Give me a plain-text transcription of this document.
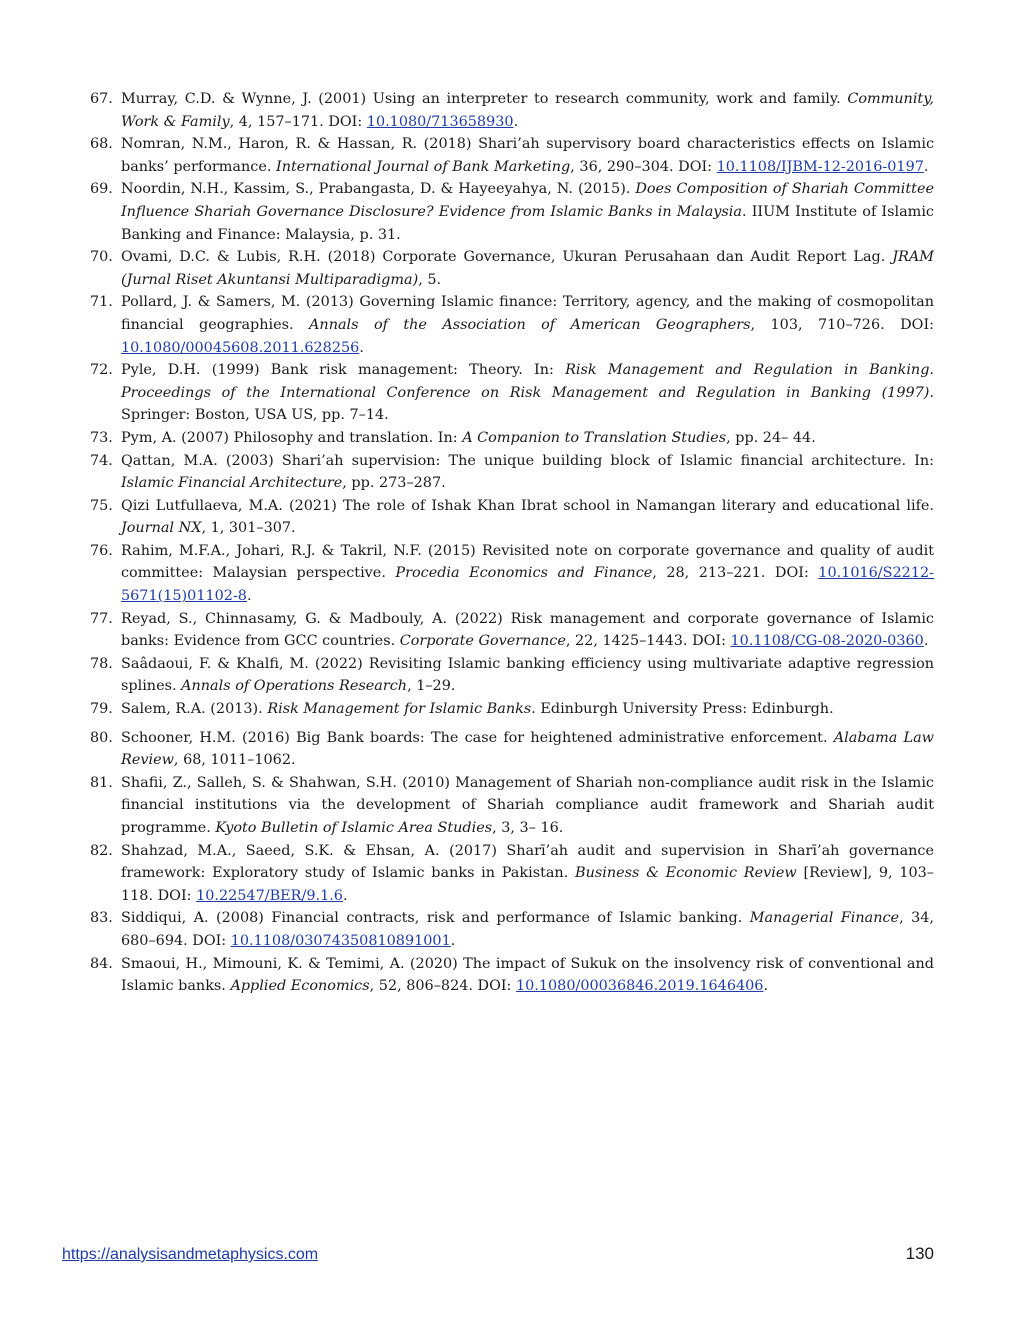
67. Murray, C.D. & Wynne, J. (2001) Using an interpreter to research community, work and family. Community, Work & Family, 4, 157–171. DOI: 10.1080/713658930.
68. Nomran, N.M., Haron, R. & Hassan, R. (2018) Shari’ah supervisory board characteristics effects on Islamic banks’ performance. International Journal of Bank Marketing, 36, 290–304. DOI: 10.1108/IJBM-12-2016-0197.
69. Noordin, N.H., Kassim, S., Prabangasta, D. & Hayeeyahya, N. (2015). Does Composition of Shariah Committee Influence Shariah Governance Disclosure? Evidence from Islamic Banks in Malaysia. IIUM Institute of Islamic Banking and Finance: Malaysia, p. 31.
70. Ovami, D.C. & Lubis, R.H. (2018) Corporate Governance, Ukuran Perusahaan dan Audit Report Lag. JRAM (Jurnal Riset Akuntansi Multiparadigma), 5.
71. Pollard, J. & Samers, M. (2013) Governing Islamic finance: Territory, agency, and the making of cosmopolitan financial geographies. Annals of the Association of American Geographers, 103, 710–726. DOI: 10.1080/00045608.2011.628256.
72. Pyle, D.H. (1999) Bank risk management: Theory. In: Risk Management and Regulation in Banking. Proceedings of the International Conference on Risk Management and Regulation in Banking (1997). Springer: Boston, USA US, pp. 7–14.
73. Pym, A. (2007) Philosophy and translation. In: A Companion to Translation Studies, pp. 24– 44.
74. Qattan, M.A. (2003) Shari’ah supervision: The unique building block of Islamic financial architecture. In: Islamic Financial Architecture, pp. 273–287.
75. Qizi Lutfullaeva, M.A. (2021) The role of Ishak Khan Ibrat school in Namangan literary and educational life. Journal NX, 1, 301–307.
76. Rahim, M.F.A., Johari, R.J. & Takril, N.F. (2015) Revisited note on corporate governance and quality of audit committee: Malaysian perspective. Procedia Economics and Finance, 28, 213–221. DOI: 10.1016/S2212-5671(15)01102-8.
77. Reyad, S., Chinnasamy, G. & Madbouly, A. (2022) Risk management and corporate governance of Islamic banks: Evidence from GCC countries. Corporate Governance, 22, 1425–1443. DOI: 10.1108/CG-08-2020-0360.
78. Saâdaoui, F. & Khalfi, M. (2022) Revisiting Islamic banking efficiency using multivariate adaptive regression splines. Annals of Operations Research, 1–29.
79. Salem, R.A. (2013). Risk Management for Islamic Banks. Edinburgh University Press: Edinburgh.
80. Schooner, H.M. (2016) Big Bank boards: The case for heightened administrative enforcement. Alabama Law Review, 68, 1011–1062.
81. Shafii, Z., Salleh, S. & Shahwan, S.H. (2010) Management of Shariah non-compliance audit risk in the Islamic financial institutions via the development of Shariah compliance audit framework and Shariah audit programme. Kyoto Bulletin of Islamic Area Studies, 3, 3– 16.
82. Shahzad, M.A., Saeed, S.K. & Ehsan, A. (2017) Sharī’ah audit and supervision in Sharī’ah governance framework: Exploratory study of Islamic banks in Pakistan. Business & Economic Review [Review], 9, 103–118. DOI: 10.22547/BER/9.1.6.
83. Siddiqui, A. (2008) Financial contracts, risk and performance of Islamic banking. Managerial Finance, 34, 680–694. DOI: 10.1108/03074350810891001.
84. Smaoui, H., Mimouni, K. & Temimi, A. (2020) The impact of Sukuk on the insolvency risk of conventional and Islamic banks. Applied Economics, 52, 806–824. DOI: 10.1080/00036846.2019.1646406.
https://analysisandmetaphysics.com	130
